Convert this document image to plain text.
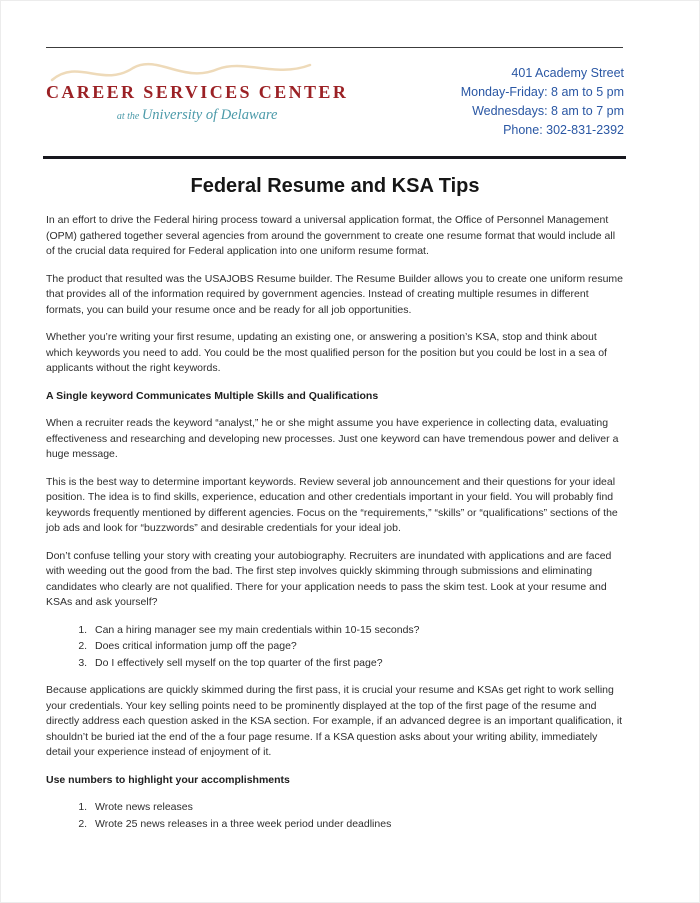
CAREER SERVICES CENTER
at the University of Delaware
401 Academy Street
Monday-Friday: 8 am to 5 pm
Wednesdays: 8 am to 7 pm
Phone: 302-831-2392
Federal Resume and KSA Tips

In an effort to drive the Federal hiring process toward a universal application format, the Office of Personnel Management (OPM) gathered together several agencies from around the government to create one resume format that would include all of the crucial data required for Federal application into one uniform resume format.

The product that resulted was the USAJOBS Resume builder. The Resume Builder allows you to create one uniform resume that provides all of the information required by government agencies. Instead of creating multiple resumes in different formats, you can build your resume once and be ready for all job opportunities.

Whether you’re writing your first resume, updating an existing one, or answering a position’s KSA, stop and think about which keywords you need to add. You could be the most qualified person for the position but you could be lost in a sea of applicants without the right keywords.

A Single keyword Communicates Multiple Skills and Qualifications

When a recruiter reads the keyword “analyst,” he or she might assume you have experience in collecting data, evaluating effectiveness and researching and developing new processes. Just one keyword can have tremendous power and deliver a huge message.

This is the best way to determine important keywords. Review several job announcement and their questions for your ideal position. The idea is to find skills, experience, education and other credentials important in your field. You will probably find keywords frequently mentioned by different agencies. Focus on the “requirements,” “skills” or “qualifications” sections of the job ads and look for “buzzwords” and desirable credentials for your ideal job.

Don’t confuse telling your story with creating your autobiography. Recruiters are inundated with applications and are faced with weeding out the good from the bad. The first step involves quickly skimming through submissions and eliminating candidates who clearly are not qualified. There for your application needs to pass the skim test. Look at your resume and KSAs and ask yourself?

1. Can a hiring manager see my main credentials within 10-15 seconds?
2. Does critical information jump off the page?
3. Do I effectively sell myself on the top quarter of the first page?

Because applications are quickly skimmed during the first pass, it is crucial your resume and KSAs get right to work selling your credentials. Your key selling points need to be prominently displayed at the top of the first page of the resume and directly address each question asked in the KSA section. For example, if an advanced degree is an important qualification, it shouldn’t be buried iat the end of the a four page resume. If a KSA question asks about your writing ability, immediately detail your experience instead of enjoyment of it.

Use numbers to highlight your accomplishments
1. Wrote news releases
2. Wrote 25 news releases in a three week period under deadlines
